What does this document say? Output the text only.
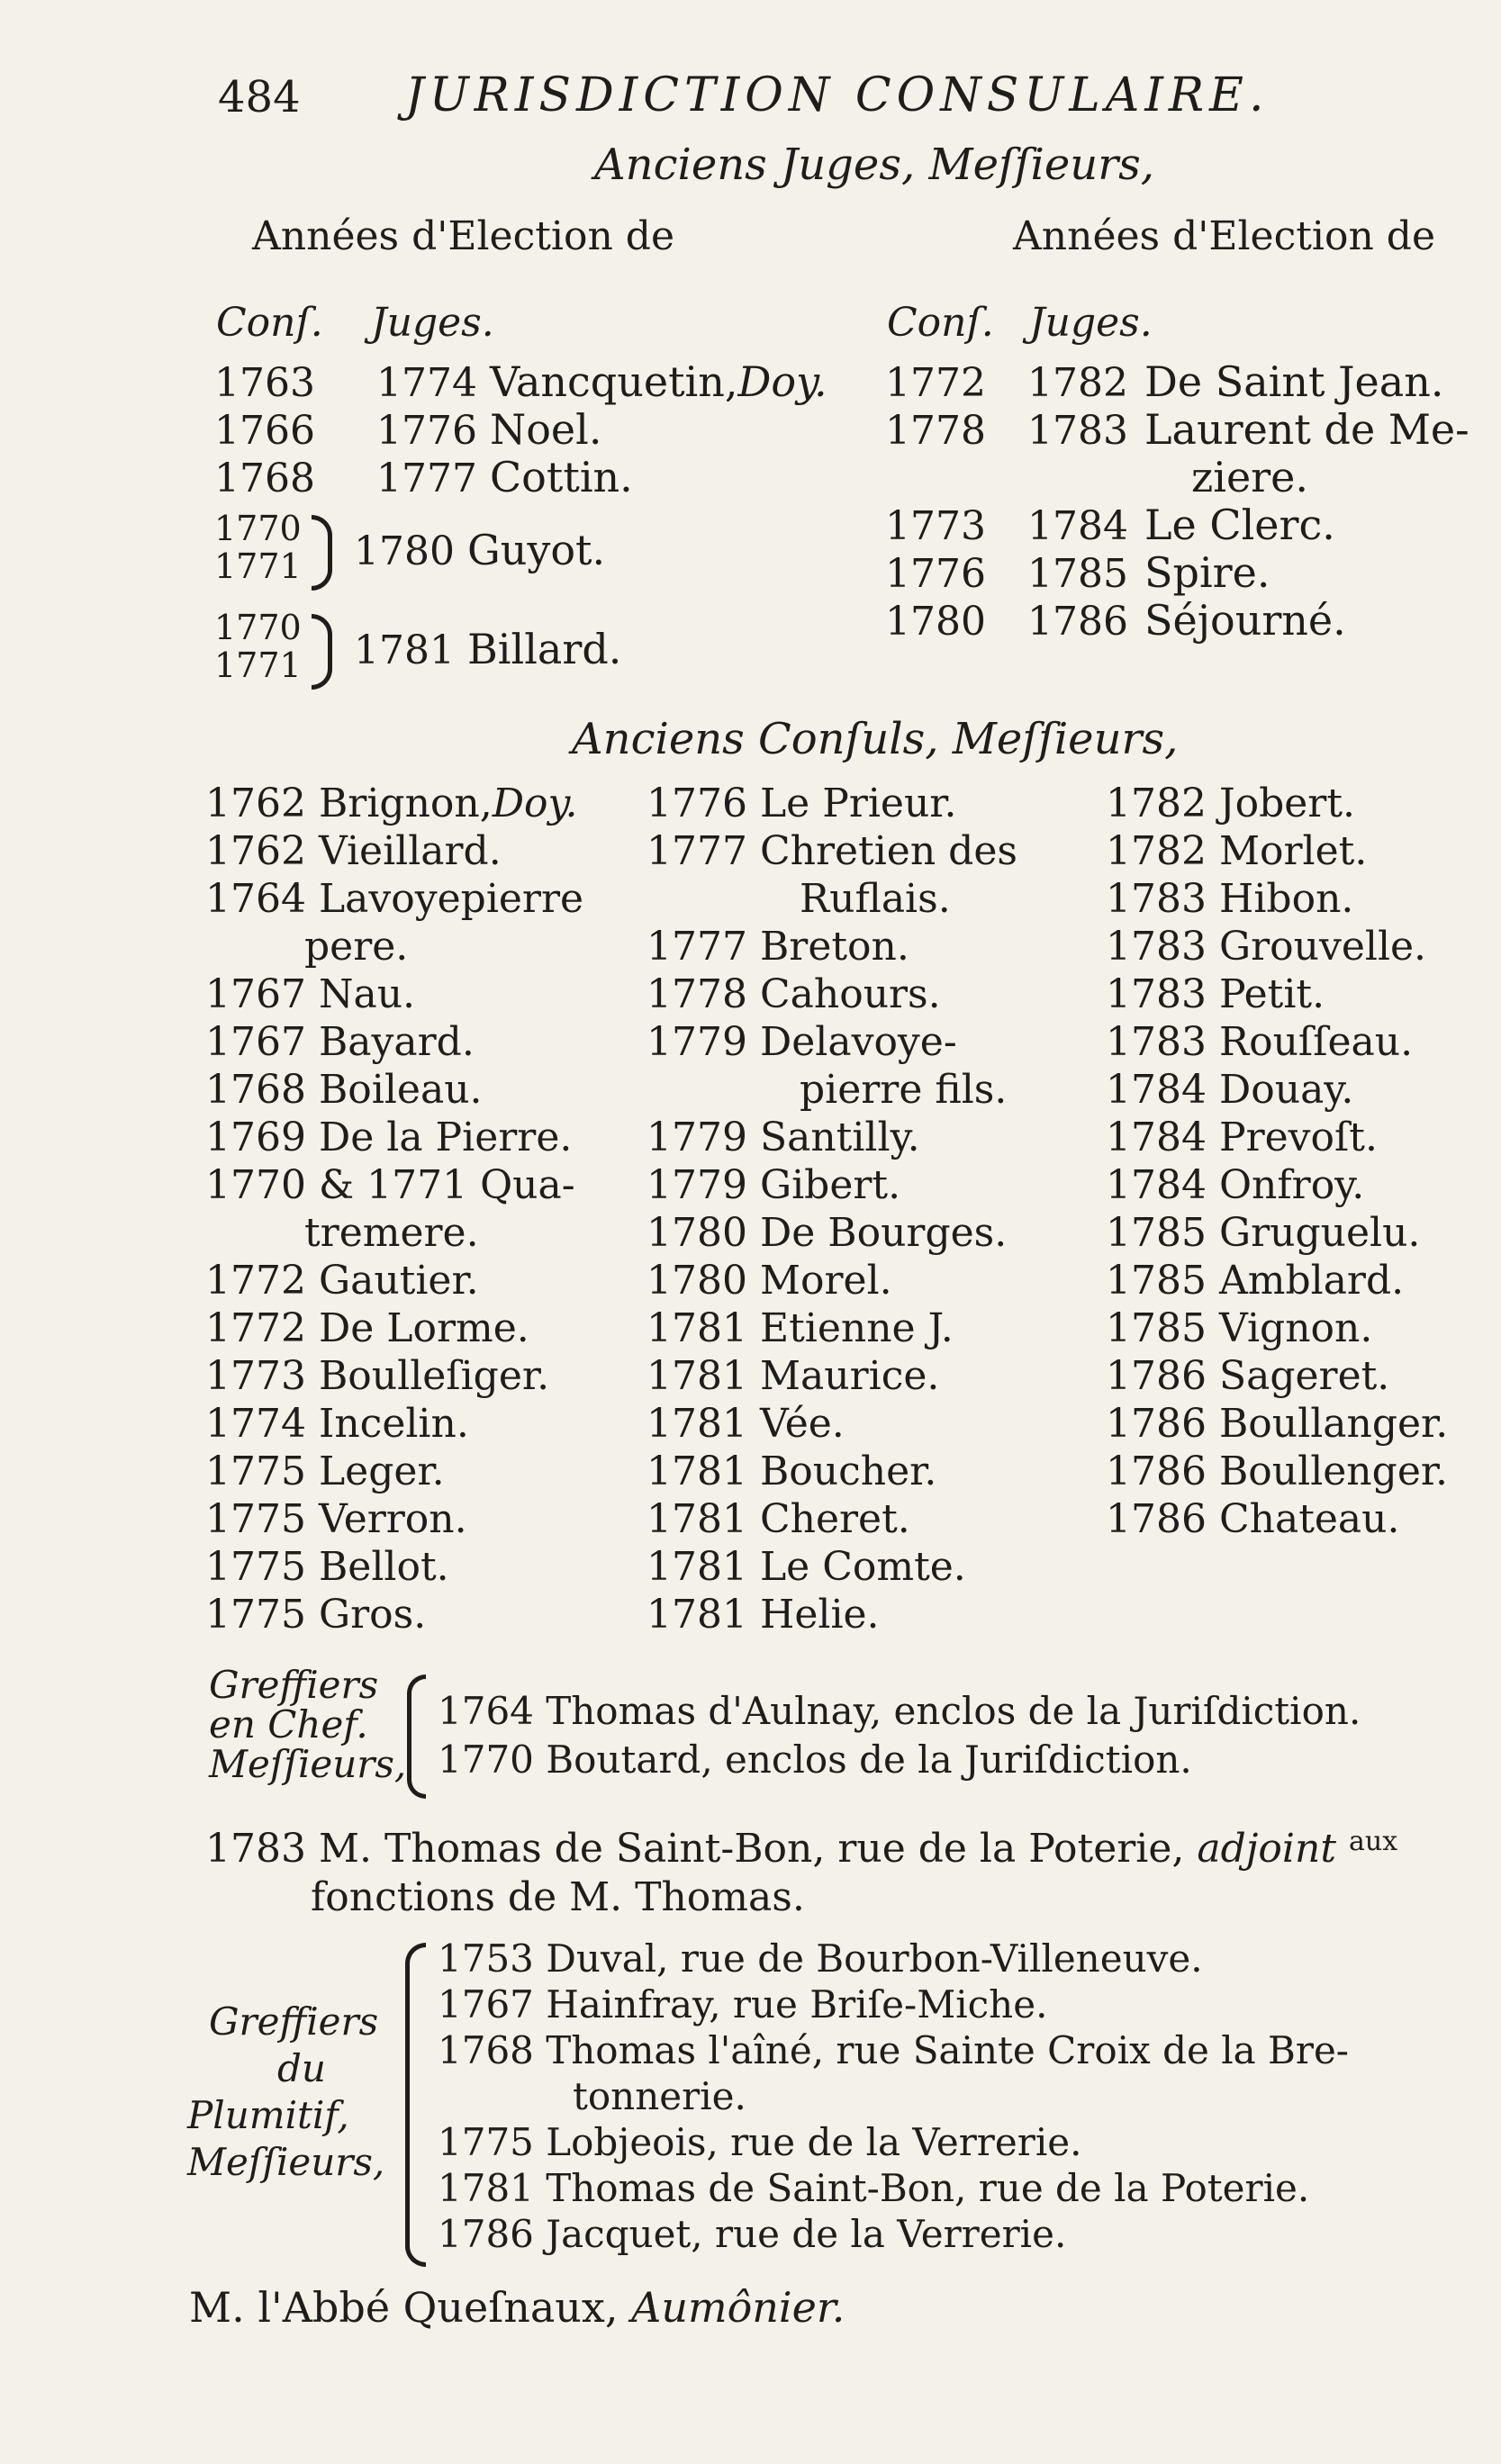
484 JURISDICTION CONSULAIRE.
Anciens Juges, Meſſieurs,
Années d'Election de	Années d'Election de
Conſ. Juges.	Conſ. Juges.
1763 1774 Vancquetin,Doy.
1766 1776 Noel.
1768 1777 Cottin.
1770
1771 1780 Guyot.
1770
1771 1781 Billard.
1772 1782 De Saint Jean.
1778 1783 Laurent de Me-
ziere.
1773 1784 Le Clerc.
1776 1785 Spire.
1780 1786 Séjourné.
Anciens Conſuls, Meſſieurs,
1762 Brignon,Doy.
1762 Vieillard.
1764 Lavoyepierre
pere.
1767 Nau.
1767 Bayard.
1768 Boileau.
1769 De la Pierre.
1770 & 1771 Qua-
tremere.
1772 Gautier.
1772 De Lorme.
1773 Boulleſiger.
1774 Incelin.
1775 Leger.
1775 Verron.
1775 Bellot.
1775 Gros.
1776 Le Prieur.
1777 Chretien des
Ruflais.
1777 Breton.
1778 Cahours.
1779 Delavoye-
pierre fils.
1779 Santilly.
1779 Gibert.
1780 De Bourges.
1780 Morel.
1781 Etienne J.
1781 Maurice.
1781 Vée.
1781 Boucher.
1781 Cheret.
1781 Le Comte.
1781 Helie.
1782 Jobert.
1782 Morlet.
1783 Hibon.
1783 Grouvelle.
1783 Petit.
1783 Rouſſeau.
1784 Douay.
1784 Prevoſt.
1784 Onfroy.
1785 Gruguelu.
1785 Amblard.
1785 Vignon.
1786 Sageret.
1786 Boullanger.
1786 Boullenger.
1786 Chateau.
Greffiers
en Chef.
Meſſieurs,
1764 Thomas d'Aulnay, enclos de la Juriſdiction.
1770 Boutard, enclos de la Juriſdiction.
1783 M. Thomas de Saint-Bon, rue de la Poterie, adjoint $^{aux}$
fonctions de M. Thomas.
Greffiers
du
Plumitif,
Meſſieurs,
1753 Duval, rue de Bourbon-Villeneuve.
1767 Hainfray, rue Briſe-Miche.
1768 Thomas l'aîné, rue Sainte Croix de la Bre-
tonnerie.
1775 Lobjeois, rue de la Verrerie.
1781 Thomas de Saint-Bon, rue de la Poterie.
1786 Jacquet, rue de la Verrerie.
M. l'Abbé Queſnaux, Aumônier.
